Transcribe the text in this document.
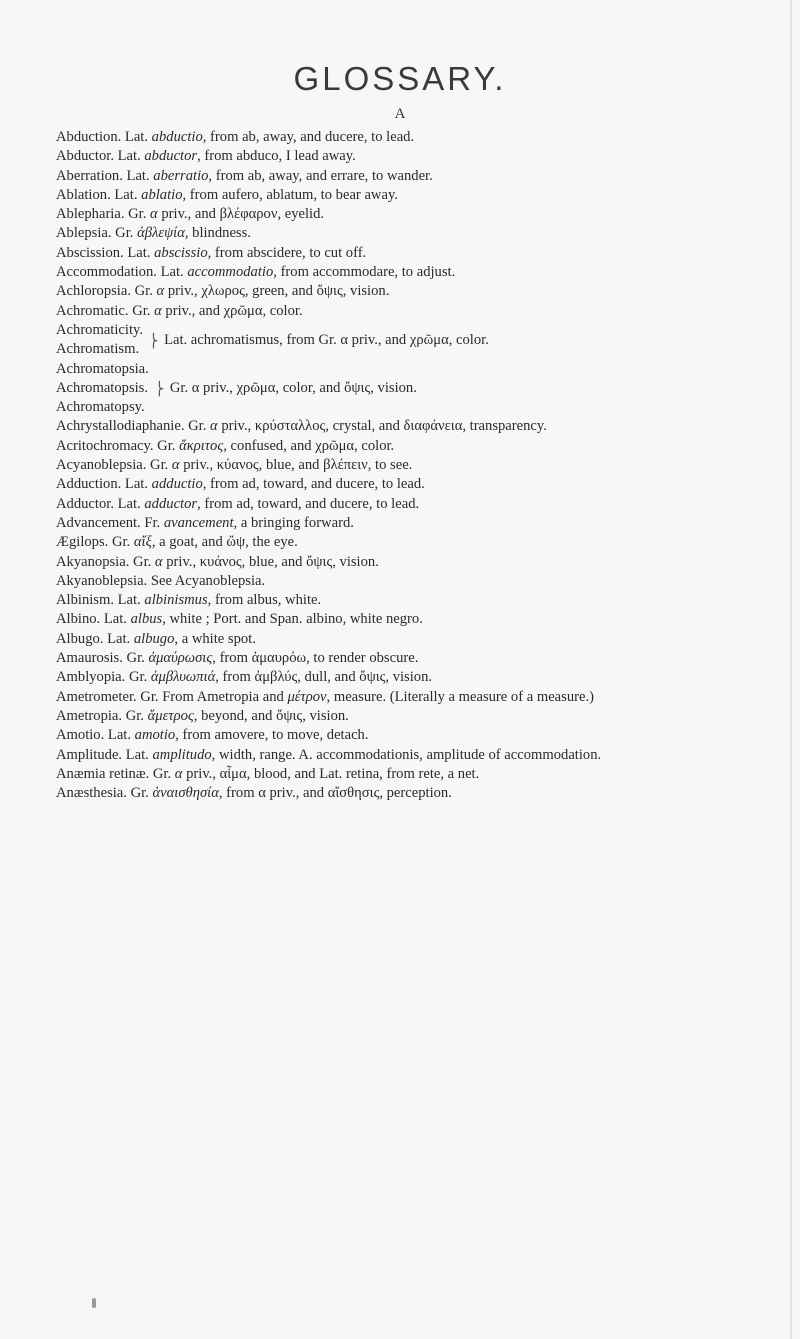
GLOSSARY.
A
Abduction. Lat. abductio, from ab, away, and ducere, to lead.
Abductor. Lat. abductor, from abduco, I lead away.
Aberration. Lat. aberratio, from ab, away, and errare, to wander.
Ablation. Lat. ablatio, from aufero, ablatum, to bear away.
Ablepharia. Gr. α priv., and βλέφαρον, eyelid.
Ablepsia. Gr. ἀβλεψία, blindness.
Abscission. Lat. abscissio, from abscidere, to cut off.
Accommodation. Lat. accommodatio, from accommodare, to adjust.
Achloropsia. Gr. α priv., χλωρος, green, and ὄψις, vision.
Achromatic. Gr. α priv., and χρῶμα, color.
Achromaticity.
Achromatism.
⎬ Lat. achromatismus, from Gr. α priv., and χρῶμα, color.
Achromatopsia.
Achromatopsis.
Achromatopsy.
⎬ Gr. α priv., χρῶμα, color, and ὄψις, vision.
Achrystallodiaphanie. Gr. α priv., κρύσταλλος, crystal, and διαφάνεια, transparency.
Acritochromacy. Gr. ἄκριτος, confused, and χρῶμα, color.
Acyanoblepsia. Gr. α priv., κύανος, blue, and βλέπειν, to see.
Adduction. Lat. adductio, from ad, toward, and ducere, to lead.
Adductor. Lat. adductor, from ad, toward, and ducere, to lead.
Advancement. Fr. avancement, a bringing forward.
Ægilops. Gr. αἴξ, a goat, and ὤψ, the eye.
Akyanopsia. Gr. α priv., κυάνος, blue, and ὄψις, vision.
Akyanoblepsia. See Acyanoblepsia.
Albinism. Lat. albinismus, from albus, white.
Albino. Lat. albus, white ; Port. and Span. albino, white negro.
Albugo. Lat. albugo, a white spot.
Amaurosis. Gr. ἀμαύρωσις, from ἀμαυρόω, to render obscure.
Amblyopia. Gr. ἀμβλυωπιά, from ἀμβλύς, dull, and ὄψις, vision.
Ametrometer. Gr. From Ametropia and μέτρον, measure. (Literally a measure of a measure.)
Ametropia. Gr. ἄμετρος, beyond, and ὄψις, vision.
Amotio. Lat. amotio, from amovere, to move, detach.
Amplitude. Lat. amplitudo, width, range. A. accommodationis, amplitude of accommodation.
Anæmia retinæ. Gr. α priv., αἷμα, blood, and Lat. retina, from rete, a net.
Anæsthesia. Gr. ἀναισθησία, from α priv., and αἴσθησις, perception.
